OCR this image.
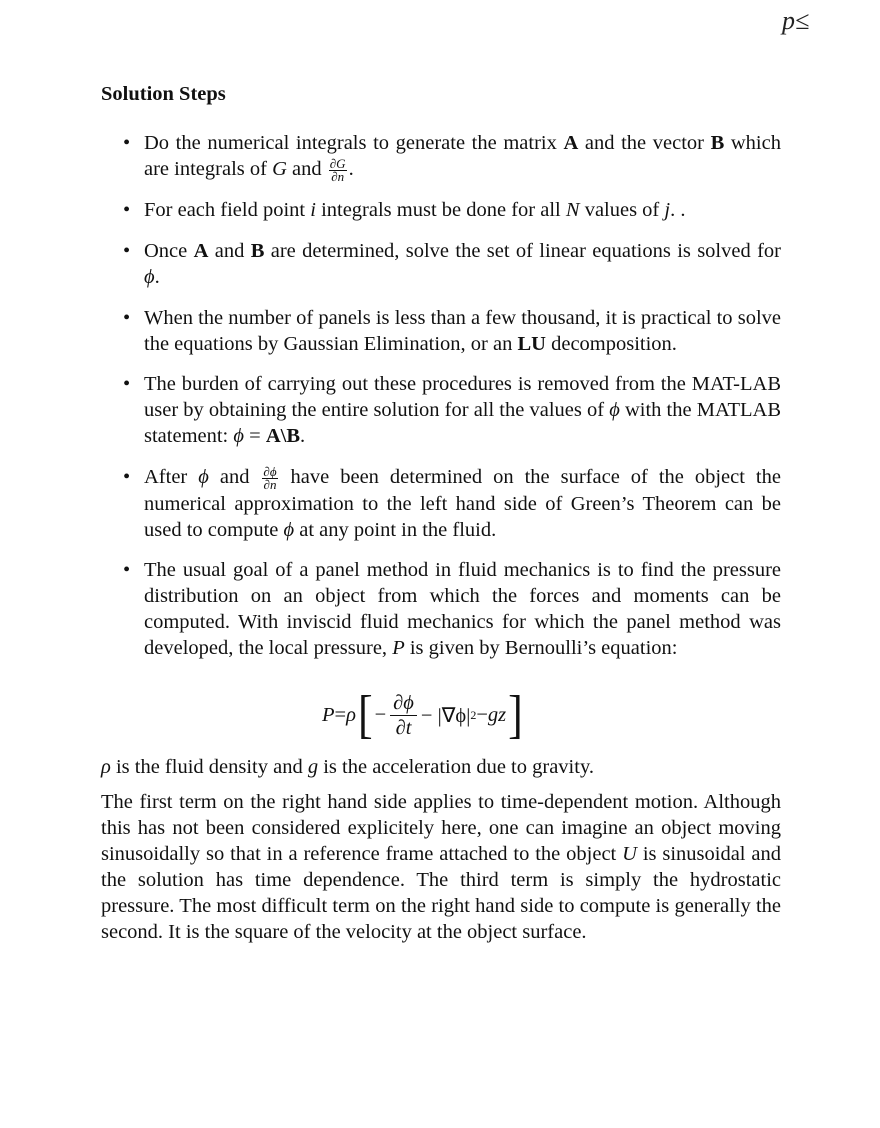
p≤
Solution Steps
• Do the numerical integrals to generate the matrix A and the vector B which are integrals of G and $\frac{\partial G}{\partial n}$ .
• For each field point i integrals must be done for all N values of j. .
• Once A and B are determined, solve the set of linear equations is solved for ϕ.
• When the number of panels is less than a few thousand, it is practical to solve the equations by Gaussian Elimination, or an LU decomposition.
• The burden of carrying out these procedures is removed from the MAT-LAB user by obtaining the entire solution for all the values of ϕ with the MATLAB statement: ϕ = A\B.
• After ϕ and $\frac{\partial\phi}{\partial n}$ have been determined on the surface of the object the numerical approximation to the left hand side of Green’s Theorem can be used to compute ϕ at any point in the fluid.
• The usual goal of a panel method in fluid mechanics is to find the pressure distribution on an object from which the forces and moments can be computed. With inviscid fluid mechanics for which the panel method was developed, the local pressure, P is given by Bernoulli’s equation:
P = ρ [ − $\frac{\partial\phi}{\partial t} - |\nabla\phi|$ 2 − gz ]

ρ is the fluid density and g is the acceleration due to gravity.

The first term on the right hand side applies to time-dependent motion. Although this has not been considered explicitely here, one can imagine an object moving sinusoidally so that in a reference frame attached to the object U is sinusoidal and the solution has time dependence. The third term is simply the hydrostatic pressure. The most difficult term on the right hand side to compute is generally the second. It is the square of the velocity at the object surface.
